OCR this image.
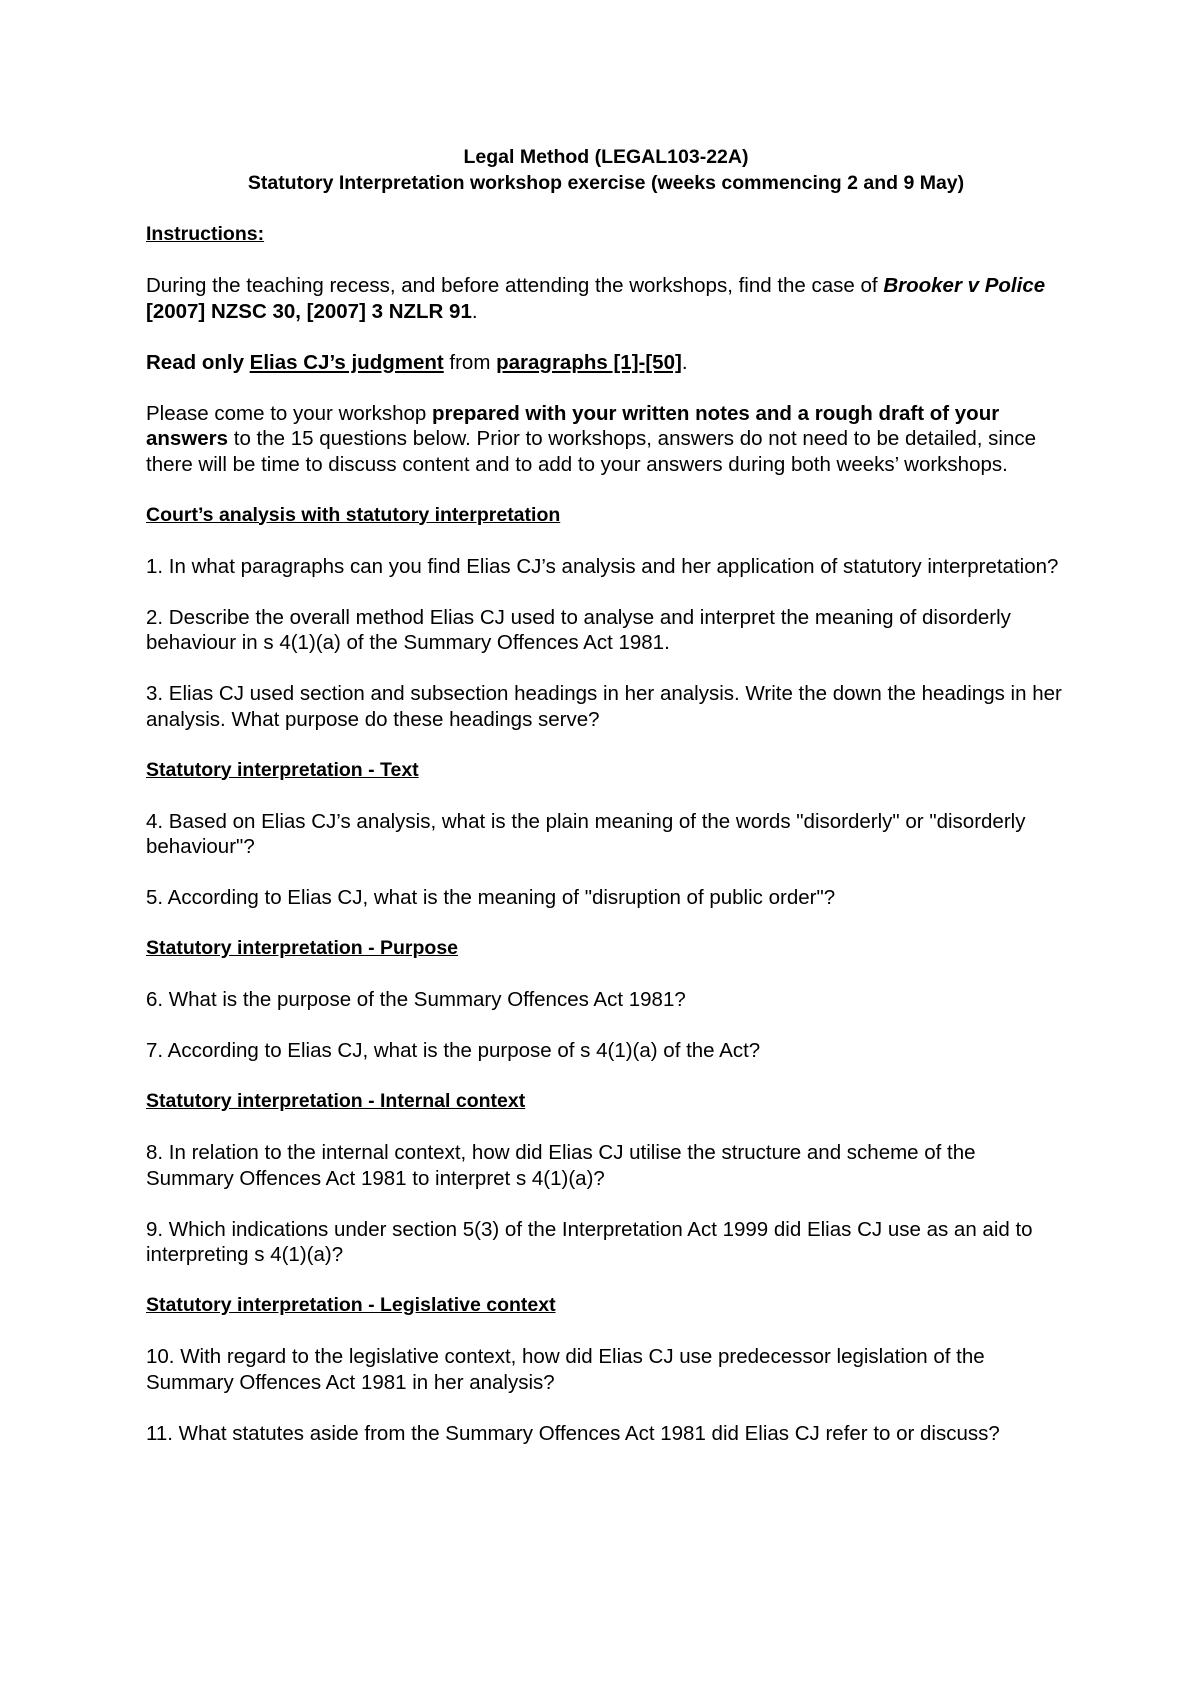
Legal Method (LEGAL103-22A)
Statutory Interpretation workshop exercise (weeks commencing 2 and 9 May)
Instructions:

During the teaching recess, and before attending the workshops, find the case of Brooker v Police [2007] NZSC 30, [2007] 3 NZLR 91.

Read only Elias CJ’s judgment from paragraphs [1]-[50].

Please come to your workshop prepared with your written notes and a rough draft of your answers to the 15 questions below. Prior to workshops, answers do not need to be detailed, since there will be time to discuss content and to add to your answers during both weeks’ workshops.

Court’s analysis with statutory interpretation

1. In what paragraphs can you find Elias CJ’s analysis and her application of statutory interpretation?

2. Describe the overall method Elias CJ used to analyse and interpret the meaning of disorderly behaviour in s 4(1)(a) of the Summary Offences Act 1981.

3. Elias CJ used section and subsection headings in her analysis. Write the down the headings in her analysis. What purpose do these headings serve?

Statutory interpretation - Text

4. Based on Elias CJ’s analysis, what is the plain meaning of the words "disorderly" or "disorderly behaviour"?

5. According to Elias CJ, what is the meaning of "disruption of public order"?

Statutory interpretation - Purpose

6. What is the purpose of the Summary Offences Act 1981?

7. According to Elias CJ, what is the purpose of s 4(1)(a) of the Act?

Statutory interpretation - Internal context

8. In relation to the internal context, how did Elias CJ utilise the structure and scheme of the Summary Offences Act 1981 to interpret s 4(1)(a)?

9. Which indications under section 5(3) of the Interpretation Act 1999 did Elias CJ use as an aid to interpreting s 4(1)(a)?

Statutory interpretation - Legislative context

10. With regard to the legislative context, how did Elias CJ use predecessor legislation of the Summary Offences Act 1981 in her analysis?

11. What statutes aside from the Summary Offences Act 1981 did Elias CJ refer to or discuss?
